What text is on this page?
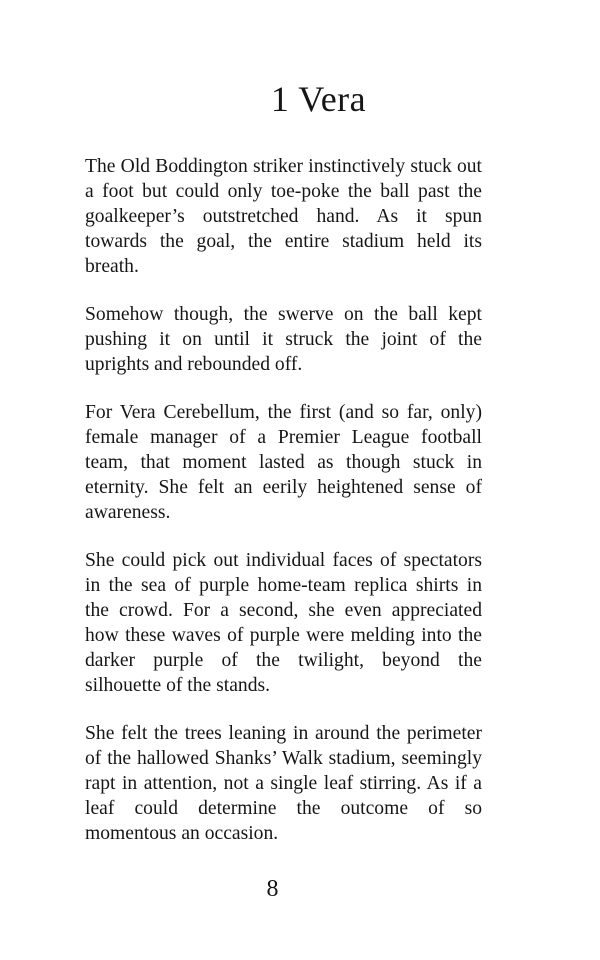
1 Vera

The Old Boddington striker instinctively stuck out a foot but could only toe-poke the ball past the goalkeeper’s outstretched hand. As it spun towards the goal, the entire stadium held its breath.

Somehow though, the swerve on the ball kept pushing it on until it struck the joint of the uprights and rebounded off.

For Vera Cerebellum, the first (and so far, only) female manager of a Premier League football team, that moment lasted as though stuck in eternity. She felt an eerily heightened sense of awareness.

She could pick out individual faces of spectators in the sea of purple home-team replica shirts in the crowd. For a second, she even appreciated how these waves of purple were melding into the darker purple of the twilight, beyond the silhouette of the stands.

She felt the trees leaning in around the perimeter of the hallowed Shanks’ Walk stadium, seemingly rapt in attention, not a single leaf stirring. As if a leaf could determine the outcome of so momentous an occasion.

8
